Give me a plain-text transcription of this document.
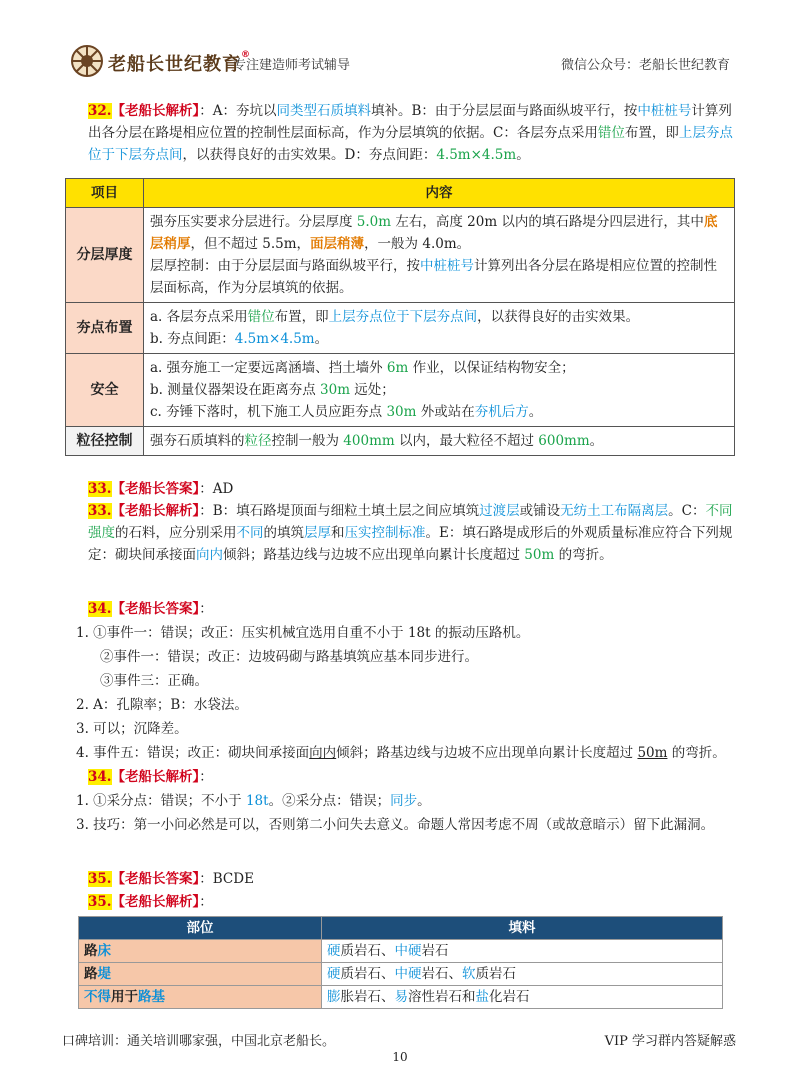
老船长世纪教育®
专注建造师考试辅导	微信公众号：老船长世纪教育
32.【老船长解析】：A：夯坑以同类型石质填料填补。B：由于分层层面与路面纵坡平行，按中桩桩号计算列出各分层在路堤相应位置的控制性层面标高，作为分层填筑的依据。C：各层夯点采用错位布置，即上层夯点位于下层夯点间，以获得良好的击实效果。D：夯点间距：4.5m×4.5m。
项目	内容
分层厚度	强夯压实要求分层进行。分层厚度 5.0m 左右，高度 20m 以内的填石路堤分四层进行，其中底层稍厚，但不超过 5.5m，面层稍薄，一般为 4.0m。
层厚控制：由于分层层面与路面纵坡平行，按中桩桩号计算列出各分层在路堤相应位置的控制性层面标高，作为分层填筑的依据。
夯点布置	a. 各层夯点采用错位布置，即上层夯点位于下层夯点间，以获得良好的击实效果。
b. 夯点间距：4.5m×4.5m。
安全	a. 强夯施工一定要远离涵墙、挡土墙外 6m 作业，以保证结构物安全；
b. 测量仪器架设在距离夯点 30m 远处；
c. 夯锤下落时，机下施工人员应距夯点 30m 外或站在夯机后方。
粒径控制	强夯石质填料的粒径控制一般为 400mm 以内，最大粒径不超过 600mm。
33.【老船长答案】：AD
33.【老船长解析】：B：填石路堤顶面与细粒土填土层之间应填筑过渡层或铺设无纺土工布隔离层。C：不同强度的石料，应分别采用不同的填筑层厚和压实控制标准。E：填石路堤成形后的外观质量标准应符合下列规定：砌块间承接面向内倾斜；路基边线与边坡不应出现单向累计长度超过 50m 的弯折。
34.【老船长答案】：
1. ①事件一：错误；改正：压实机械宜选用自重不小于 18t 的振动压路机。
②事件一：错误；改正：边坡码砌与路基填筑应基本同步进行。
③事件三：正确。
2. A：孔隙率；B：水袋法。
3. 可以；沉降差。
4. 事件五：错误；改正：砌块间承接面向内倾斜；路基边线与边坡不应出现单向累计长度超过 50m 的弯折。
34.【老船长解析】：
1. ①采分点：错误；不小于 18t。②采分点：错误；同步。
3. 技巧：第一小问必然是可以，否则第二小问失去意义。命题人常因考虑不周（或故意暗示）留下此漏洞。
35.【老船长答案】：BCDE
35.【老船长解析】：
部位	填料
路床	硬质岩石、中硬岩石
路堤	硬质岩石、中硬岩石、软质岩石
不得用于路基	膨胀岩石、易溶性岩石和盐化岩石
口碑培训：通关培训哪家强，中国北京老船长。	VIP 学习群内答疑解惑
10
